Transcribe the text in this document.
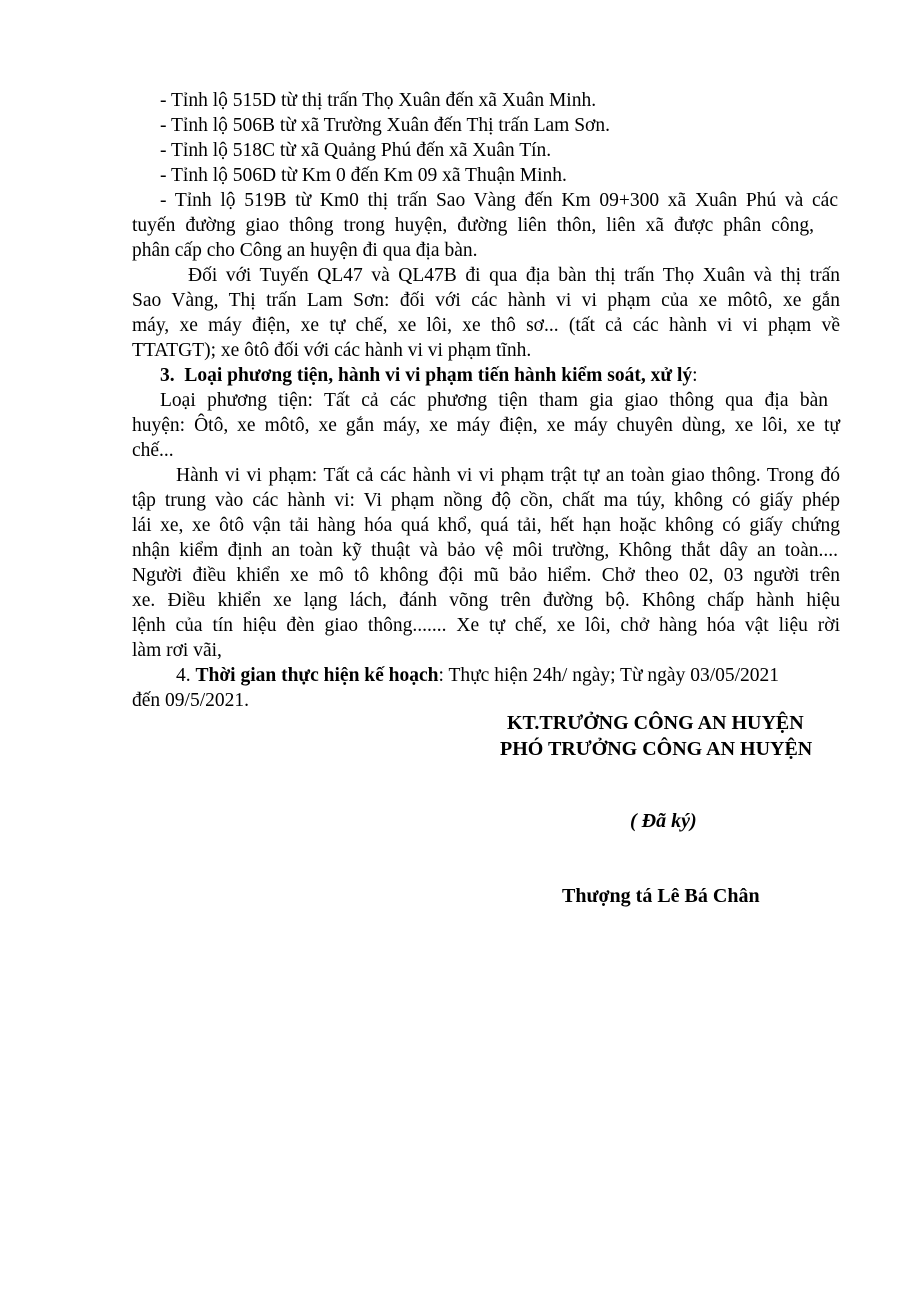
- Tỉnh lộ 515D từ thị trấn Thọ Xuân đến xã Xuân Minh.
- Tỉnh lộ 506B từ xã Trường Xuân đến Thị trấn Lam Sơn.
- Tỉnh lộ 518C từ xã Quảng Phú đến xã Xuân Tín.
- Tỉnh lộ 506D từ Km 0 đến Km 09 xã Thuận Minh.
- Tỉnh lộ 519B từ Km0 thị trấn Sao Vàng đến Km 09+300 xã Xuân Phú và các
tuyến đường giao thông trong huyện, đường liên thôn, liên xã được phân công,
phân cấp cho Công an huyện đi qua địa bàn.
Đối với Tuyến QL47 và QL47B đi qua địa bàn thị trấn Thọ Xuân và thị trấn
Sao Vàng, Thị trấn Lam Sơn: đối với các hành vi vi phạm của xe môtô, xe gắn
máy, xe máy điện, xe tự chế, xe lôi, xe thô sơ... (tất cả các hành vi vi phạm về
TTATGT); xe ôtô đối với các hành vi vi phạm tĩnh.
3. Loại phương tiện, hành vi vi phạm tiến hành kiểm soát, xử lý:
Loại phương tiện: Tất cả các phương tiện tham gia giao thông qua địa bàn
huyện: Ôtô, xe môtô, xe gắn máy, xe máy điện, xe máy chuyên dùng, xe lôi, xe tự
chế...
Hành vi vi phạm: Tất cả các hành vi vi phạm trật tự an toàn giao thông. Trong đó
tập trung vào các hành vi: Vi phạm nồng độ cồn, chất ma túy, không có giấy phép
lái xe, xe ôtô vận tải hàng hóa quá khổ, quá tải, hết hạn hoặc không có giấy chứng
nhận kiểm định an toàn kỹ thuật và bảo vệ môi trường, Không thắt dây an toàn....
Người điều khiển xe mô tô không đội mũ bảo hiểm. Chở theo 02, 03 người trên
xe. Điều khiển xe lạng lách, đánh võng trên đường bộ. Không chấp hành hiệu
lệnh của tín hiệu đèn giao thông....... Xe tự chế, xe lôi, chở hàng hóa vật liệu rời
làm rơi vãi,
4. Thời gian thực hiện kế hoạch: Thực hiện 24h/ ngày; Từ ngày 03/05/2021
đến 09/5/2021.
KT.TRƯỞNG CÔNG AN HUYỆN
PHÓ TRƯỞNG CÔNG AN HUYỆN
( Đã ký)
Thượng tá Lê Bá Chân
